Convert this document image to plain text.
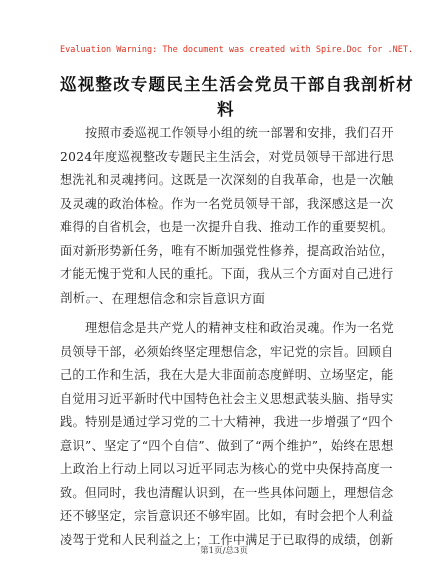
Evaluation Warning: The document was created with Spire.Doc for .NET.
巡视整改专题民主生活会党员干部自我剖析材
料
按照市委巡视工作领导小组的统一部署和安排，我们召开
2024年度巡视整改专题民主生活会，对党员领导干部进行思
想洗礼和灵魂拷问。这既是一次深刻的自我革命，也是一次触
及灵魂的政治体检。作为一名党员领导干部，我深感这是一次
难得的自省机会，也是一次提升自我、推动工作的重要契机。
面对新形势新任务，唯有不断加强党性修养，提高政治站位，
才能无愧于党和人民的重托。下面，我从三个方面对自己进行
剖析。
一、在理想信念和宗旨意识方面
理想信念是共产党人的精神支柱和政治灵魂。作为一名党
员领导干部，必须始终坚定理想信念，牢记党的宗旨。回顾自
己的工作和生活，我在大是大非面前态度鲜明、立场坚定，能
自觉用习近平新时代中国特色社会主义思想武装头脑、指导实
践。特别是通过学习党的二十大精神，我进一步增强了“四个
意识”、坚定了“四个自信”、做到了“两个维护”，始终在思想
上政治上行动上同以习近平同志为核心的党中央保持高度一
致。但同时，我也清醒认识到，在一些具体问题上，理想信念
还不够坚定，宗旨意识还不够牢固。比如，有时会把个人利益
凌驾于党和人民利益之上；工作中满足于已取得的成绩，创新
第1页/总3页
